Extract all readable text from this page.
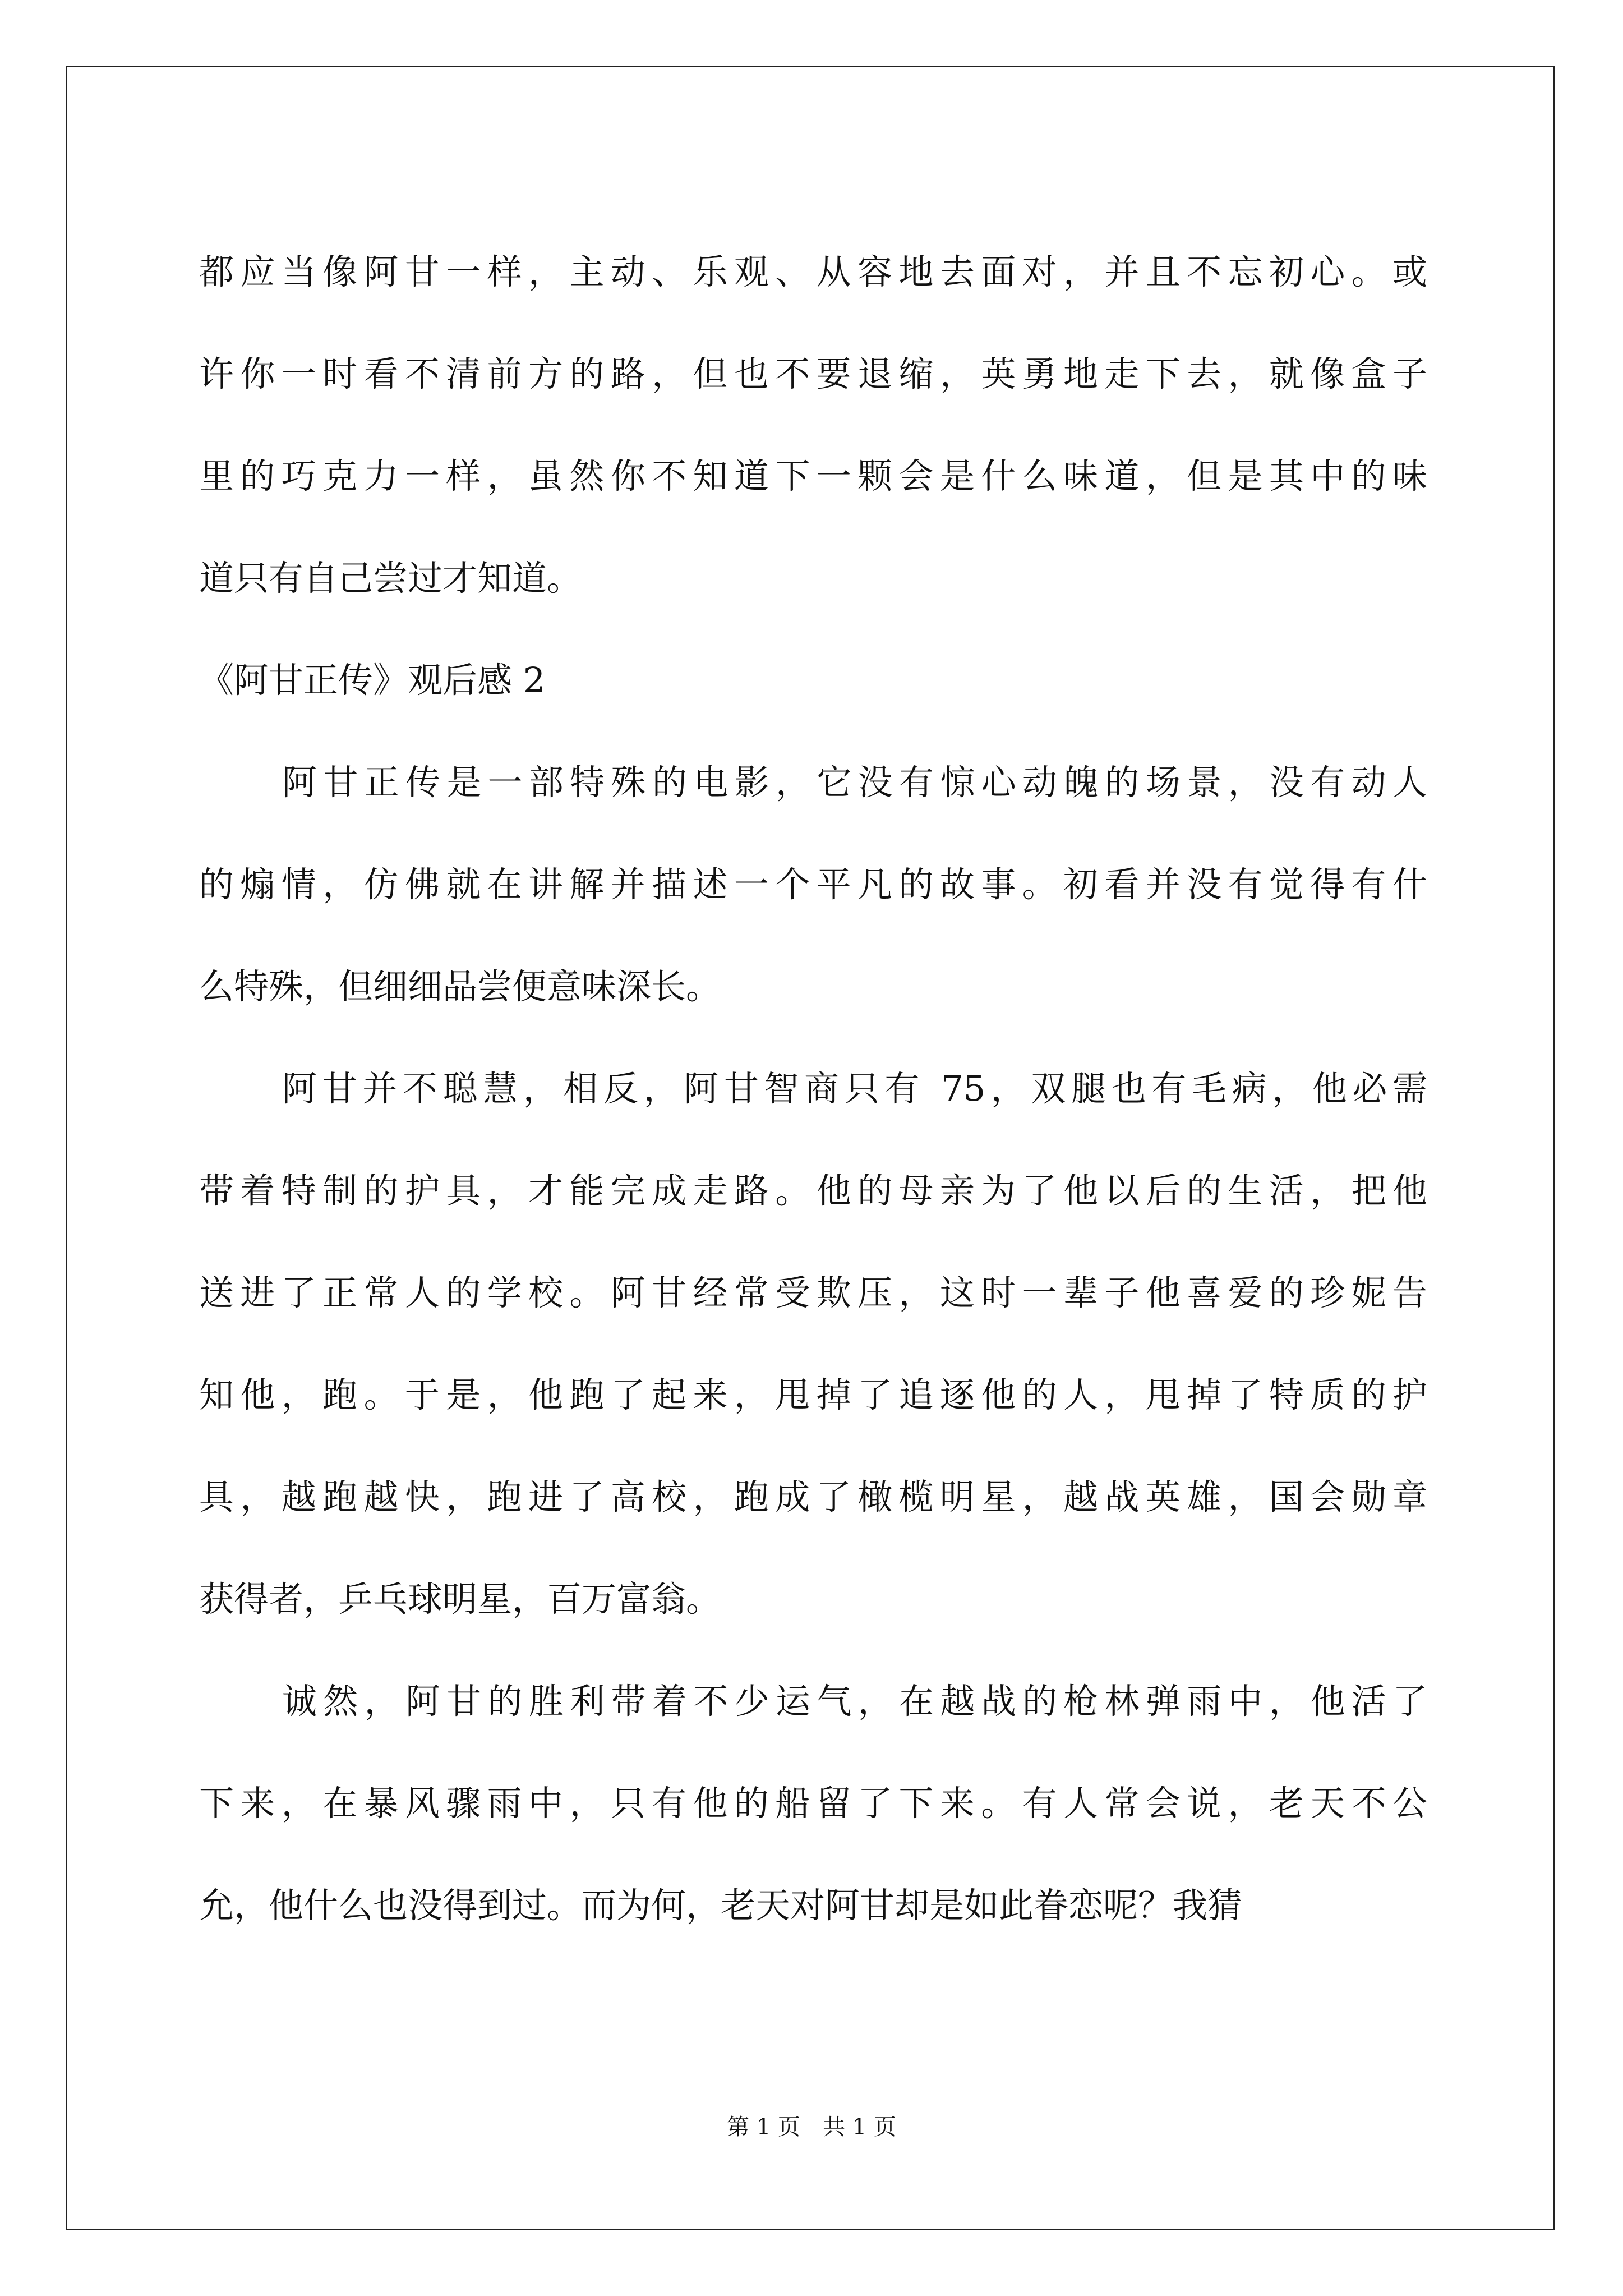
都应当像阿甘一样，主动、乐观、从容地去面对，并且不忘初心。或
许你一时看不清前方的路，但也不要退缩，英勇地走下去，就像盒子
里的巧克力一样，虽然你不知道下一颗会是什么味道，但是其中的味
道只有自己尝过才知道。
《阿甘正传》观后感 2
阿甘正传是一部特殊的电影，它没有惊心动魄的场景，没有动人
的煽情，仿佛就在讲解并描述一个平凡的故事。初看并没有觉得有什
么特殊，但细细品尝便意味深长。
阿甘并不聪慧，相反，阿甘智商只有 75，双腿也有毛病，他必需
带着特制的护具，才能完成走路。他的母亲为了他以后的生活，把他
送进了正常人的学校。阿甘经常受欺压，这时一辈子他喜爱的珍妮告
知他，跑。于是，他跑了起来，甩掉了追逐他的人，甩掉了特质的护
具，越跑越快，跑进了高校，跑成了橄榄明星，越战英雄，国会勋章
获得者，乒乓球明星，百万富翁。
诚然，阿甘的胜利带着不少运气，在越战的枪林弹雨中，他活了
下来，在暴风骤雨中，只有他的船留了下来。有人常会说，老天不公
允，他什么也没得到过。而为何，老天对阿甘却是如此眷恋呢？我猜
第 1 页　共 1 页
